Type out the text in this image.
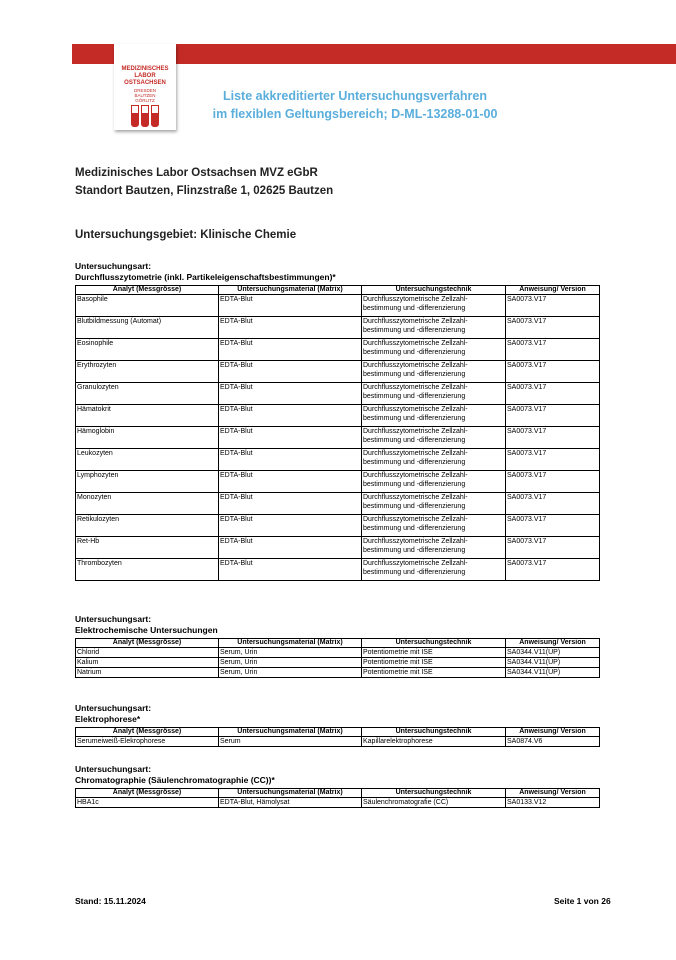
MEDIZINISCHES
LABOR
OSTSACHSEN
DRESDEN
BAUTZEN
GÖRLITZ	Liste akkreditierter Untersuchungsverfahren
im flexiblen Geltungsbereich; D-ML-13288-01-00
Medizinisches Labor Ostsachsen MVZ eGbR
Standort Bautzen, Flinzstraße 1, 02625 Bautzen
Untersuchungsgebiet: Klinische Chemie
Untersuchungsart:
Durchflusszytometrie (inkl. Partikeleigenschaftsbestimmungen)*
Analyt (Messgrösse)	Untersuchungsmaterial (Matrix)	Untersuchungstechnik	Anweisung/ Version
Basophile	EDTA-Blut	Durchflusszytometrische Zellzahl-bestimmung und -differenzierung	SA0073.V17
Blutbildmessung (Automat)	EDTA-Blut	Durchflusszytometrische Zellzahl-bestimmung und -differenzierung	SA0073.V17
Eosinophile	EDTA-Blut	Durchflusszytometrische Zellzahl-bestimmung und -differenzierung	SA0073.V17
Erythrozyten	EDTA-Blut	Durchflusszytometrische Zellzahl-bestimmung und -differenzierung	SA0073.V17
Granulozyten	EDTA-Blut	Durchflusszytometrische Zellzahl-bestimmung und -differenzierung	SA0073.V17
Hämatokrit	EDTA-Blut	Durchflusszytometrische Zellzahl-bestimmung und -differenzierung	SA0073.V17
Hämoglobin	EDTA-Blut	Durchflusszytometrische Zellzahl-bestimmung und -differenzierung	SA0073.V17
Leukozyten	EDTA-Blut	Durchflusszytometrische Zellzahl-bestimmung und -differenzierung	SA0073.V17
Lymphozyten	EDTA-Blut	Durchflusszytometrische Zellzahl-bestimmung und -differenzierung	SA0073.V17
Monozyten	EDTA-Blut	Durchflusszytometrische Zellzahl-bestimmung und -differenzierung	SA0073.V17
Retikulozyten	EDTA-Blut	Durchflusszytometrische Zellzahl-bestimmung und -differenzierung	SA0073.V17
Ret-Hb	EDTA-Blut	Durchflusszytometrische Zellzahl-bestimmung und -differenzierung	SA0073.V17
Thrombozyten	EDTA-Blut	Durchflusszytometrische Zellzahl-bestimmung und -differenzierung	SA0073.V17
Untersuchungsart:
Elektrochemische Untersuchungen
Analyt (Messgrösse)	Untersuchungsmaterial (Matrix)	Untersuchungstechnik	Anweisung/ Version
Chlorid	Serum, Urin	Potentiometrie mit ISE	SA0344.V11(ÜP)
Kalium	Serum, Urin	Potentiometrie mit ISE	SA0344.V11(ÜP)
Natrium	Serum, Urin	Potentiometrie mit ISE	SA0344.V11(ÜP)
Untersuchungsart:
Elektrophorese*
Analyt (Messgrösse)	Untersuchungsmaterial (Matrix)	Untersuchungstechnik	Anweisung/ Version
Serumeiweiß-Elekrophorese	Serum	Kapillarelektrophorese	SA0874.V6
Untersuchungsart:
Chromatographie (Säulenchromatographie (CC))*
Analyt (Messgrösse)	Untersuchungsmaterial (Matrix)	Untersuchungstechnik	Anweisung/ Version
HBA1c	EDTA-Blut, Hämolysat	Säulenchromatografie (CC)	SA0133.V12
Stand: 15.11.2024	Seite 1 von 26
